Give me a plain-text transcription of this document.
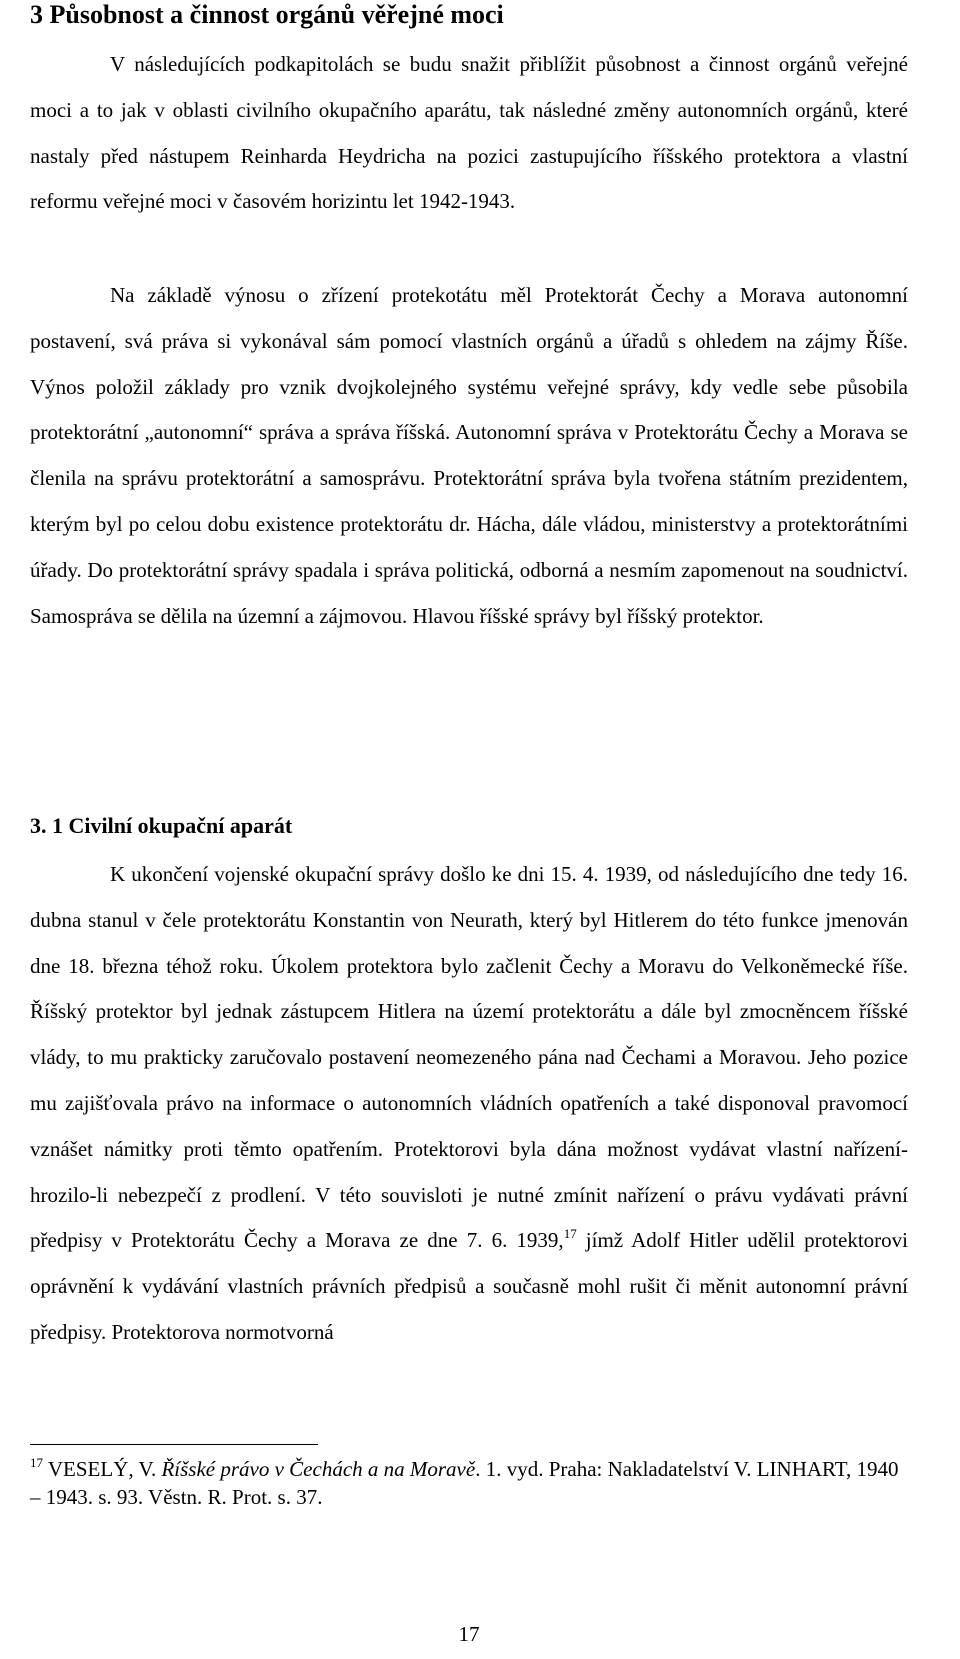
3 Působnost a činnost orgánů věřejné moci

V následujících podkapitolách se budu snažit přiblížit působnost a činnost orgánů veřejné moci a to jak v oblasti civilního okupačního aparátu, tak následné změny autonomních orgánů, které nastaly před nástupem Reinharda Heydricha na pozici zastupujícího říšského protektora a vlastní reformu veřejné moci v časovém horizintu let 1942-1943.

Na základě výnosu o zřízení protekotátu měl Protektorát Čechy a Morava autonomní postavení, svá práva si vykonával sám pomocí vlastních orgánů a úřadů s ohledem na zájmy Říše. Výnos položil základy pro vznik dvojkolejného systému veřejné správy, kdy vedle sebe působila protektorátní „autonomní“ správa a správa říšská. Autonomní správa v Protektorátu Čechy a Morava se členila na správu protektorátní a samosprávu. Protektorátní správa byla tvořena státním prezidentem, kterým byl po celou dobu existence protektorátu dr. Hácha, dále vládou, ministerstvy a protektorátními úřady. Do protektorátní správy spadala i správa politická, odborná a nesmím zapomenout na soudnictví. Samospráva se dělila na územní a zájmovou. Hlavou říšské správy byl říšský protektor.

3. 1 Civilní okupační aparát

K ukončení vojenské okupační správy došlo ke dni 15. 4. 1939, od následujícího dne tedy 16. dubna stanul v čele protektorátu Konstantin von Neurath, který byl Hitlerem do této funkce jmenován dne 18. března téhož roku. Úkolem protektora bylo začlenit Čechy a Moravu do Velkoněmecké říše. Říšský protektor byl jednak zástupcem Hitlera na území protektorátu a dále byl zmocněncem říšské vlády, to mu prakticky zaručovalo postavení neomezeného pána nad Čechami a Moravou. Jeho pozice mu zajišťovala právo na informace o autonomních vládních opatřeních a také disponoval pravomocí vznášet námitky proti těmto opatřením. Protektorovi byla dána možnost vydávat vlastní nařízení- hrozilo-li nebezpečí z prodlení. V této souvisloti je nutné zmínit nařízení o právu vydávati právní předpisy v Protektorátu Čechy a Morava ze dne 7. 6. 1939,17 jímž Adolf Hitler udělil protektorovi oprávnění k vydávání vlastních právních předpisů a současně mohl rušit či měnit autonomní právní předpisy. Protektorova normotvorná

$^{17}$ VESELÝ, V. Říšské právo v Čechách a na Moravě. 1. vyd. Praha: Nakladatelství V. LINHART, 1940 – 1943. s. 93. Věstn. R. Prot. s. 37.

17
